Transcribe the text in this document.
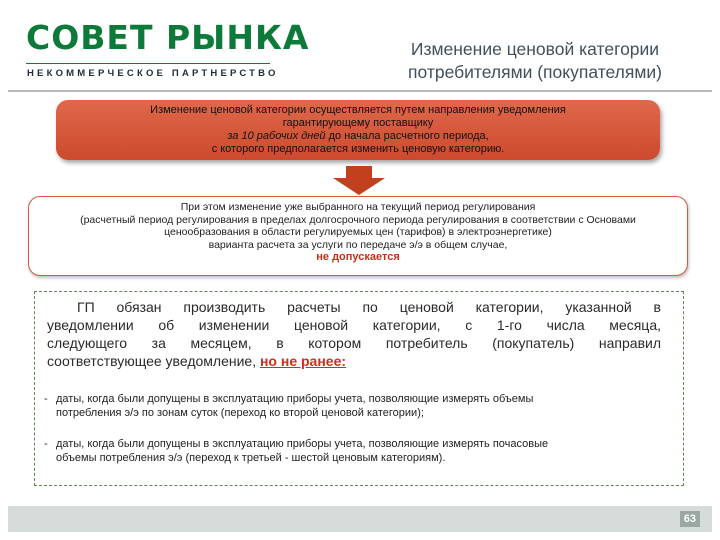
СОВЕТ РЫНКА
НЕКОММЕРЧЕСКОЕ ПАРТНЕРСТВО
Изменение ценовой категории
потребителями (покупателями)
Изменение ценовой категории осуществляется путем направления уведомления
гарантирующему поставщику
за 10 рабочих дней до начала расчетного периода,
с которого предполагается изменить ценовую категорию.
При этом изменение уже выбранного на текущий период регулирования
(расчетный период регулирования в пределах долгосрочного периода регулирования в соответствии с Основами
ценообразования в области регулируемых цен (тарифов) в электроэнергетике)
варианта расчета за услуги по передаче э/э в общем случае,
не допускается
ГП обязан производить расчеты по ценовой категории, указанной в
уведомлении об изменении ценовой категории, с 1-го числа месяца,
следующего за месяцем, в котором потребитель (покупатель) направил
соответствующее уведомление, но не ранее:
- даты, когда были допущены в эксплуатацию приборы учета, позволяющие измерять объемы
потребления э/э по зонам суток (переход ко второй ценовой категории);
- даты, когда были допущены в эксплуатацию приборы учета, позволяющие измерять почасовые
объемы потребления э/э (переход к третьей - шестой ценовым категориям).
63
